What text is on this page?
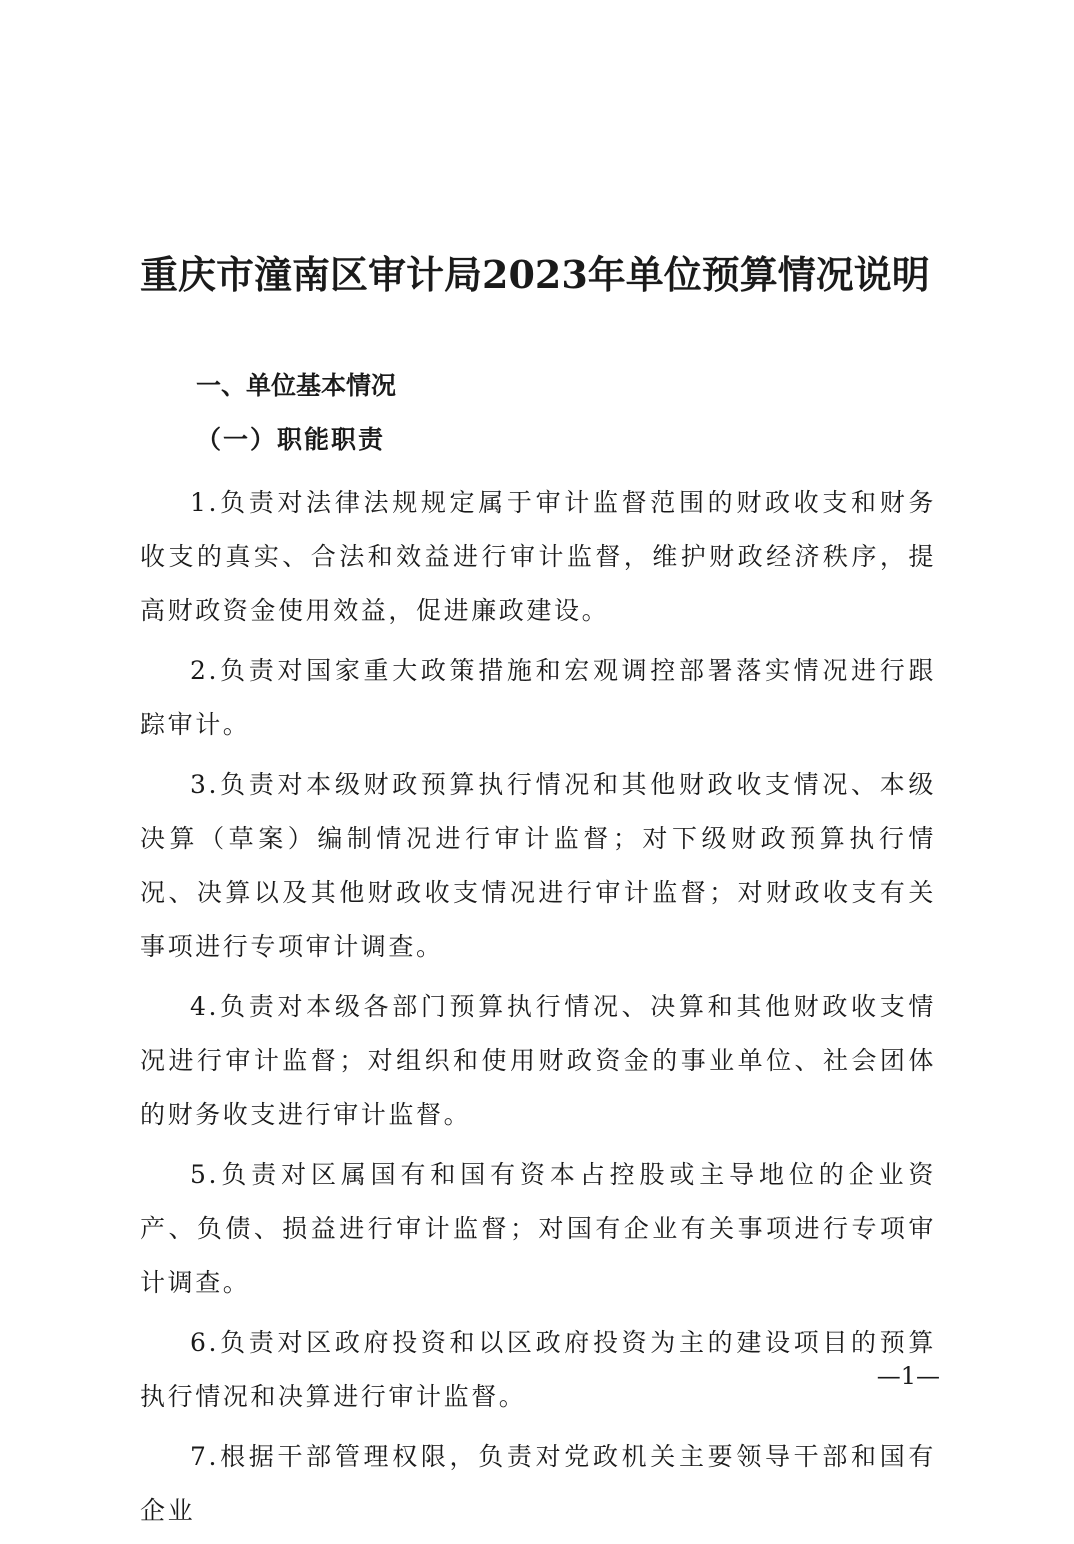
重庆市潼南区审计局2023年单位预算情况说明
一、单位基本情况
（一）职能职责

1.负责对法律法规规定属于审计监督范围的财政收支和财务收支的真实、合法和效益进行审计监督，维护财政经济秩序，提高财政资金使用效益，促进廉政建设。

2.负责对国家重大政策措施和宏观调控部署落实情况进行跟踪审计。

3.负责对本级财政预算执行情况和其他财政收支情况、本级决算（草案）编制情况进行审计监督；对下级财政预算执行情况、决算以及其他财政收支情况进行审计监督；对财政收支有关事项进行专项审计调查。

4.负责对本级各部门预算执行情况、决算和其他财政收支情况进行审计监督；对组织和使用财政资金的事业单位、社会团体的财务收支进行审计监督。

5.负责对区属国有和国有资本占控股或主导地位的企业资产、负债、损益进行审计监督；对国有企业有关事项进行专项审计调查。

6.负责对区政府投资和以区政府投资为主的建设项目的预算执行情况和决算进行审计监督。

7.根据干部管理权限，负责对党政机关主要领导干部和国有企业

—1—
